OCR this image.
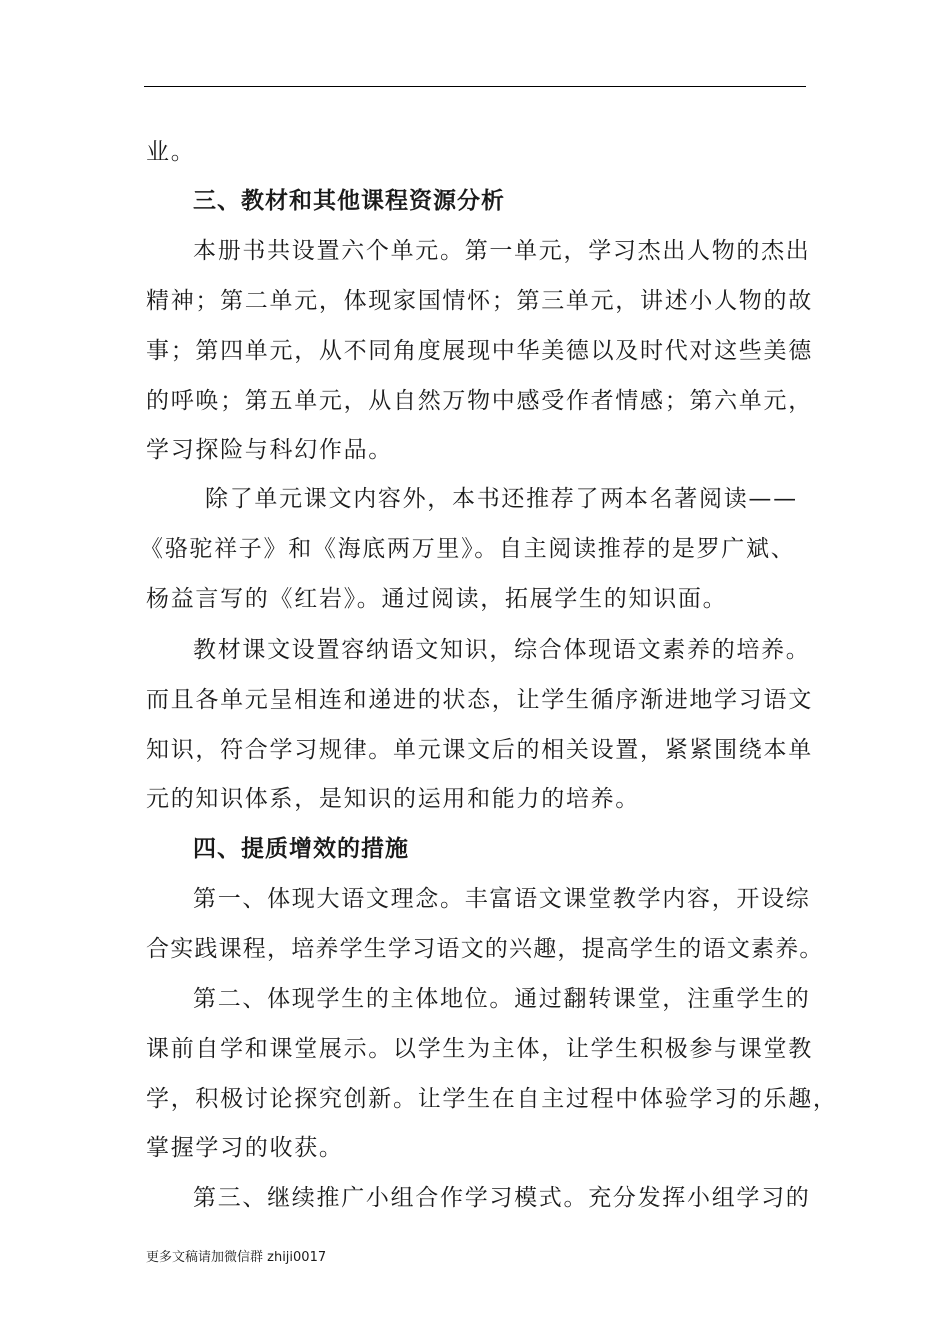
业。
三、教材和其他课程资源分析
本册书共设置六个单元。第一单元，学习杰出人物的杰出
精神；第二单元，体现家国情怀；第三单元，讲述小人物的故
事；第四单元，从不同角度展现中华美德以及时代对这些美德
的呼唤；第五单元，从自然万物中感受作者情感；第六单元，
学习探险与科幻作品。
除了单元课文内容外，本书还推荐了两本名著阅读——
《骆驼祥子》和《海底两万里》。自主阅读推荐的是罗广斌、
杨益言写的《红岩》。通过阅读，拓展学生的知识面。
教材课文设置容纳语文知识，综合体现语文素养的培养。
而且各单元呈相连和递进的状态，让学生循序渐进地学习语文
知识，符合学习规律。单元课文后的相关设置，紧紧围绕本单
元的知识体系，是知识的运用和能力的培养。
四、提质增效的措施
第一、体现大语文理念。丰富语文课堂教学内容，开设综
合实践课程，培养学生学习语文的兴趣，提高学生的语文素养。
第二、体现学生的主体地位。通过翻转课堂，注重学生的
课前自学和课堂展示。以学生为主体，让学生积极参与课堂教
学，积极讨论探究创新。让学生在自主过程中体验学习的乐趣，
掌握学习的收获。
第三、继续推广小组合作学习模式。充分发挥小组学习的
更多文稿请加微信群 zhiji0017
